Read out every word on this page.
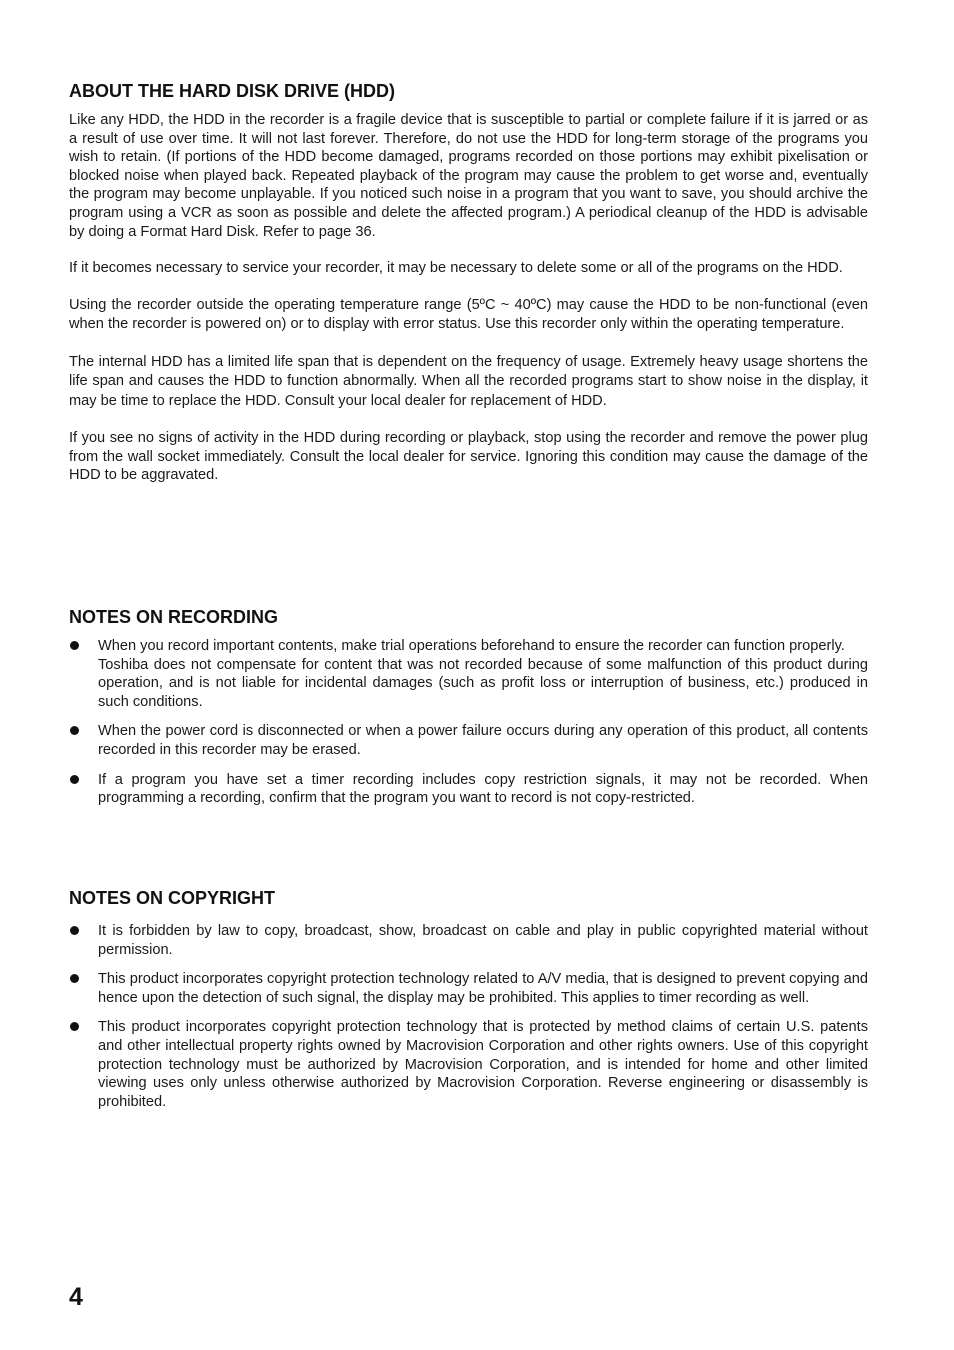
ABOUT THE HARD DISK DRIVE (HDD)

Like any HDD, the HDD in the recorder is a fragile device that is susceptible to partial or complete failure if it is jarred or as a result of use over time. It will not last forever. Therefore, do not use the HDD for long-term storage of the programs you wish to retain. (If portions of the HDD become damaged, programs recorded on those portions may exhibit pixelisation or blocked noise when played back. Repeated playback of the program may cause the problem to get worse and, eventually the program may become unplayable. If you noticed such noise in a program that you want to save, you should archive the program using a VCR as soon as possible and delete the affected program.) A periodical cleanup of the HDD is advisable by doing a Format Hard Disk. Refer to page 36.

If it becomes necessary to service your recorder, it may be necessary to delete some or all of the programs on the HDD.

Using the recorder outside the operating temperature range (5ºC ~ 40ºC) may cause the HDD to be non-functional (even when the recorder is powered on) or to display with error status. Use this recorder only within the operating temperature.

The internal HDD has a limited life span that is dependent on the frequency of usage. Extremely heavy usage shortens the life span and causes the HDD to function abnormally. When all the recorded programs start to show noise in the display, it may be time to replace the HDD. Consult your local dealer for replacement of HDD.

If you see no signs of activity in the HDD during recording or playback, stop using the recorder and remove the power plug from the wall socket immediately. Consult the local dealer for service. Ignoring this condition may cause the damage of the HDD to be aggravated.

NOTES ON RECORDING
When you record important contents, make trial operations beforehand to ensure the recorder can function properly.
Toshiba does not compensate for content that was not recorded because of some malfunction of this product during operation, and is not liable for incidental damages (such as profit loss or interruption of business, etc.) produced in such conditions.
When the power cord is disconnected or when a power failure occurs during any operation of this product, all contents recorded in this recorder may be erased.
If a program you have set a timer recording includes copy restriction signals, it may not be recorded. When programming a recording, confirm that the program you want to record is not copy-restricted.
NOTES ON COPYRIGHT
It is forbidden by law to copy, broadcast, show, broadcast on cable and play in public copyrighted material without permission.
This product incorporates copyright protection technology related to A/V media, that is designed to prevent copying and hence upon the detection of such signal, the display may be prohibited. This applies to timer recording as well.
This product incorporates copyright protection technology that is protected by method claims of certain U.S. patents and other intellectual property rights owned by Macrovision Corporation and other rights owners. Use of this copyright protection technology must be authorized by Macrovision Corporation, and is intended for home and other limited viewing uses only unless otherwise authorized by Macrovision Corporation. Reverse engineering or disassembly is prohibited.
4
